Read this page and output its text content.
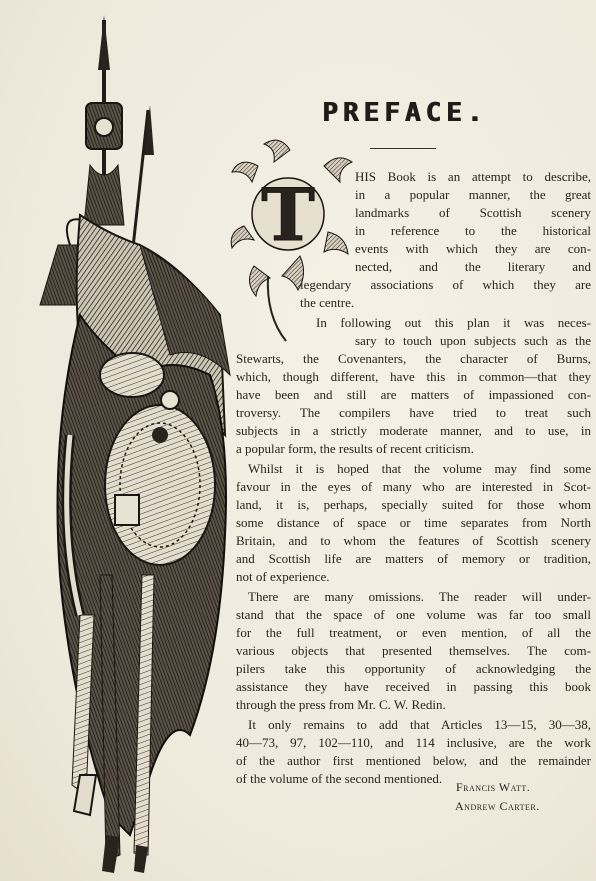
PREFACE.
T	HIS Book is an attempt to describe,
in a popular manner, the great
landmarks of Scottish scenery
in reference to the historical
events with which they are con-
nected, and the literary and
legendary associations of which they are
the centre.
In following out this plan it was neces-
sary to touch upon subjects such as the
Stewarts, the Covenanters, the character of Burns,
which, though different, have this in common—that they
have been and still are matters of impassioned con-
troversy. The compilers have tried to treat such
subjects in a strictly moderate manner, and to use, in
a popular form, the results of recent criticism.
Whilst it is hoped that the volume may find some
favour in the eyes of many who are interested in Scot-
land, it is, perhaps, specially suited for those whom
some distance of space or time separates from North
Britain, and to whom the features of Scottish scenery
and Scottish life are matters of memory or tradition,
not of experience.
There are many omissions. The reader will under-
stand that the space of one volume was far too small
for the full treatment, or even mention, of all the
various objects that presented themselves. The com-
pilers take this opportunity of acknowledging the
assistance they have received in passing this book
through the press from Mr. C. W. Redin.
It only remains to add that Articles 13—15, 30—38,
40—73, 97, 102—110, and 114 inclusive, are the work
of the author first mentioned below, and the remainder
of the volume of the second mentioned.
Francis Watt.
Andrew Carter.
